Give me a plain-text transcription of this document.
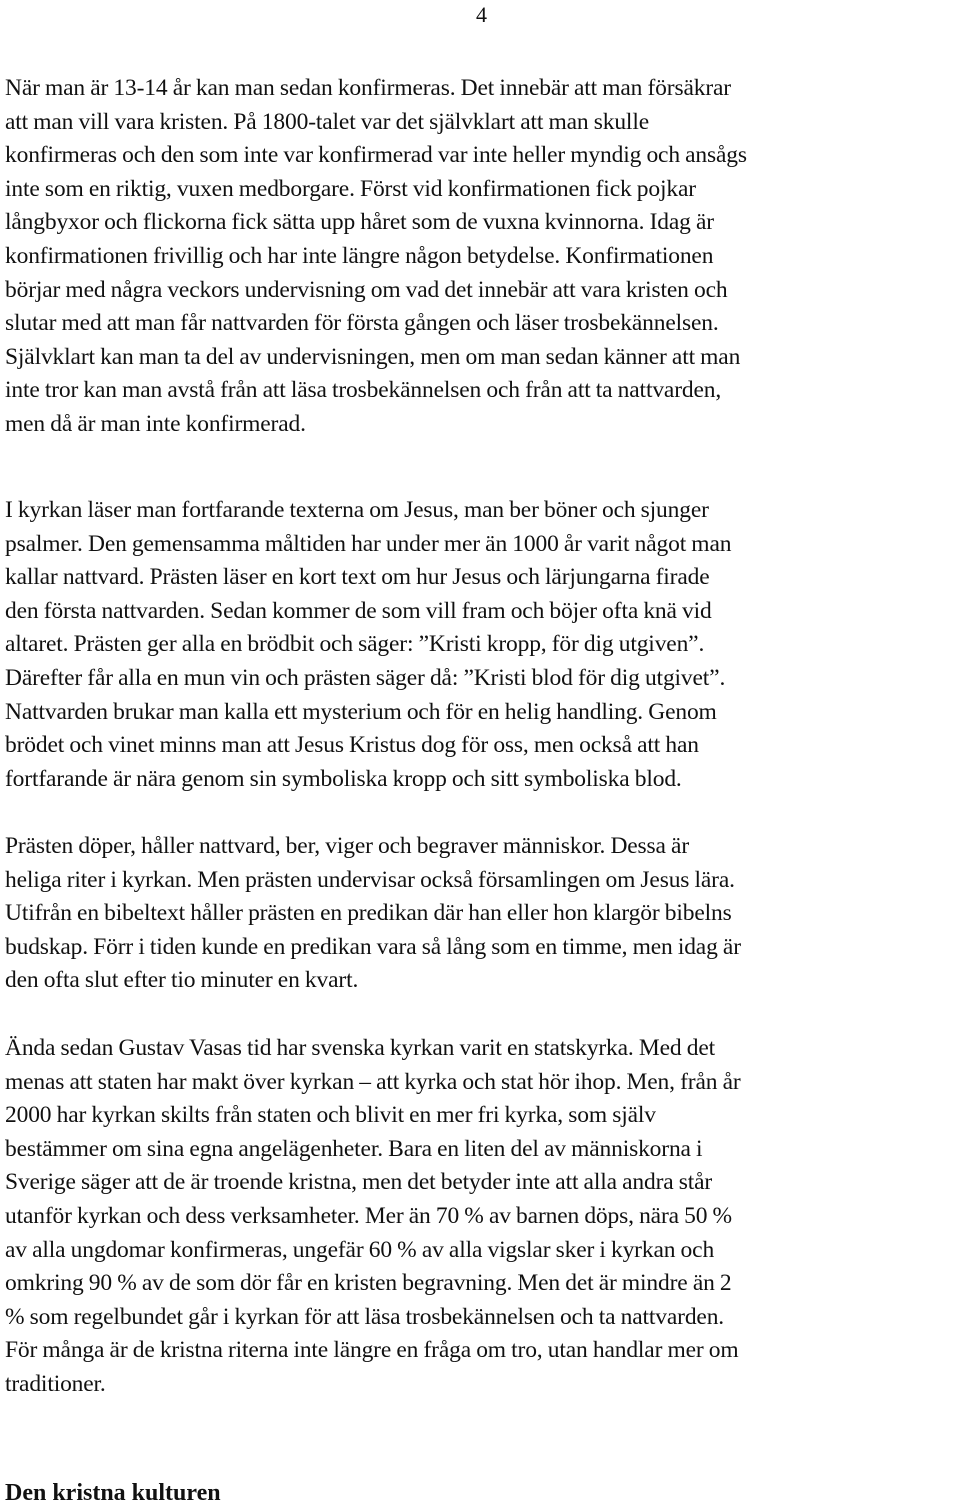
4

När man är 13-14 år kan man sedan konfirmeras. Det innebär att man försäkrar
att man vill vara kristen. På 1800-talet var det självklart att man skulle
konfirmeras och den som inte var konfirmerad var inte heller myndig och ansågs
inte som en riktig, vuxen medborgare. Först vid konfirmationen fick pojkar
långbyxor och flickorna fick sätta upp håret som de vuxna kvinnorna. Idag är
konfirmationen frivillig och har inte längre någon betydelse. Konfirmationen
börjar med några veckors undervisning om vad det innebär att vara kristen och
slutar med att man får nattvarden för första gången och läser trosbekännelsen.
Självklart kan man ta del av undervisningen, men om man sedan känner att man
inte tror kan man avstå från att läsa trosbekännelsen och från att ta nattvarden,
men då är man inte konfirmerad.

I kyrkan läser man fortfarande texterna om Jesus, man ber böner och sjunger
psalmer. Den gemensamma måltiden har under mer än 1000 år varit något man
kallar nattvard. Prästen läser en kort text om hur Jesus och lärjungarna firade
den första nattvarden. Sedan kommer de som vill fram och böjer ofta knä vid
altaret. Prästen ger alla en brödbit och säger: ”Kristi kropp, för dig utgiven”.
Därefter får alla en mun vin och prästen säger då: ”Kristi blod för dig utgivet”.
Nattvarden brukar man kalla ett mysterium och för en helig handling. Genom
brödet och vinet minns man att Jesus Kristus dog för oss, men också att han
fortfarande är nära genom sin symboliska kropp och sitt symboliska blod.

Prästen döper, håller nattvard, ber, viger och begraver människor. Dessa är
heliga riter i kyrkan. Men prästen undervisar också församlingen om Jesus lära.
Utifrån en bibeltext håller prästen en predikan där han eller hon klargör bibelns
budskap. Förr i tiden kunde en predikan vara så lång som en timme, men idag är
den ofta slut efter tio minuter en kvart.

Ända sedan Gustav Vasas tid har svenska kyrkan varit en statskyrka. Med det
menas att staten har makt över kyrkan – att kyrka och stat hör ihop. Men, från år
2000 har kyrkan skilts från staten och blivit en mer fri kyrka, som själv
bestämmer om sina egna angelägenheter. Bara en liten del av människorna i
Sverige säger att de är troende kristna, men det betyder inte att alla andra står
utanför kyrkan och dess verksamheter. Mer än 70 % av barnen döps, nära 50 %
av alla ungdomar konfirmeras, ungefär 60 % av alla vigslar sker i kyrkan och
omkring 90 % av de som dör får en kristen begravning. Men det är mindre än 2
% som regelbundet går i kyrkan för att läsa trosbekännelsen och ta nattvarden.
För många är de kristna riterna inte längre en fråga om tro, utan handlar mer om
traditioner.

Den kristna kulturen
